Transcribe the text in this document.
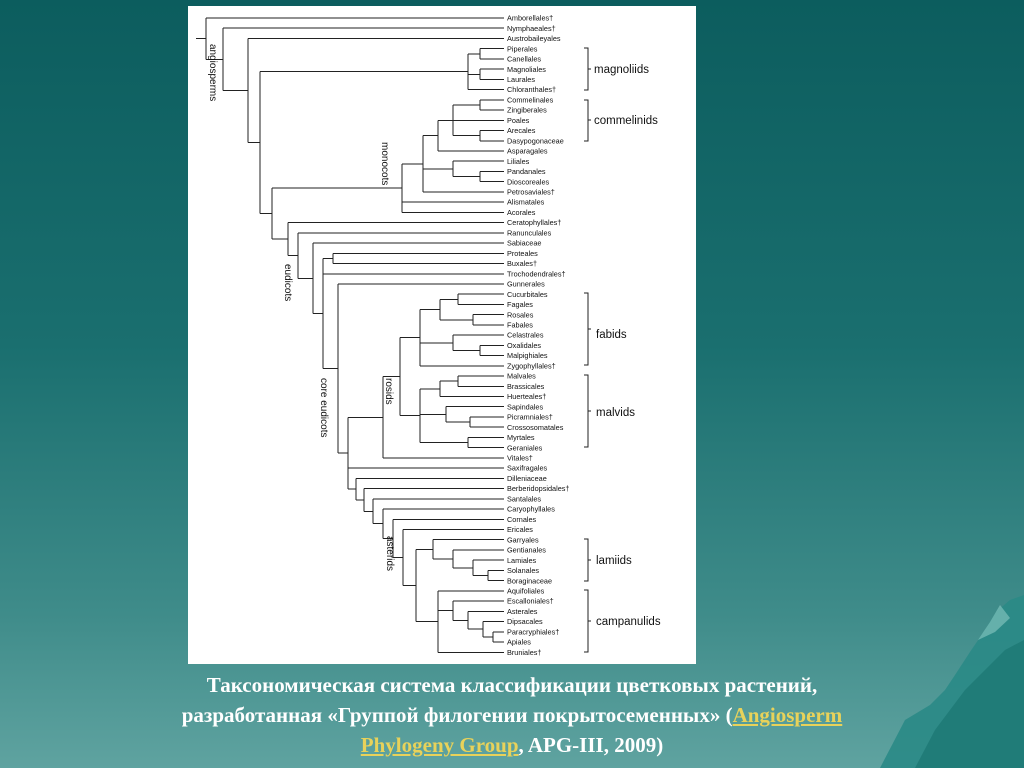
Amborellales†
Nymphaeales†
Austrobaileyales
Piperales
Canellales
Magnoliales
Laurales
Chloranthales†
Commelinales
Zingiberales
Poales
Arecales
Dasypogonaceae
Asparagales
Liliales
Pandanales
Dioscoreales
Petrosaviales†
Alismatales
Acorales
Ceratophyllales†
Ranunculales
Sabiaceae
Proteales
Buxales†
Trochodendrales†
Gunnerales
Cucurbitales
Fagales
Rosales
Fabales
Celastrales
Oxalidales
Malpighiales
Zygophyllales†
Malvales
Brassicales
Huerteales†
Sapindales
Picramniales†
Crossosomatales
Myrtales
Geraniales
Vitales†
Saxifragales
Dilleniaceae
Berberidopsidales†
Santalales
Caryophyllales
Cornales
Ericales
Garryales
Gentianales
Lamiales
Solanales
Boraginaceae
Aquifoliales
Escalloniales†
Asterales
Dipsacales
Paracryphiales†
Apiales
Bruniales†
magnoliids
commelinids
fabids
malvids
lamiids
campanulids
angiosperms
monocots
eudicots
core eudicots	rosids
asterids
Таксономическая система классификации цветковых растений,
разработанная «Группой филогении покрытосеменных» (Angiosperm
Phylogeny Group, APG-III, 2009)
